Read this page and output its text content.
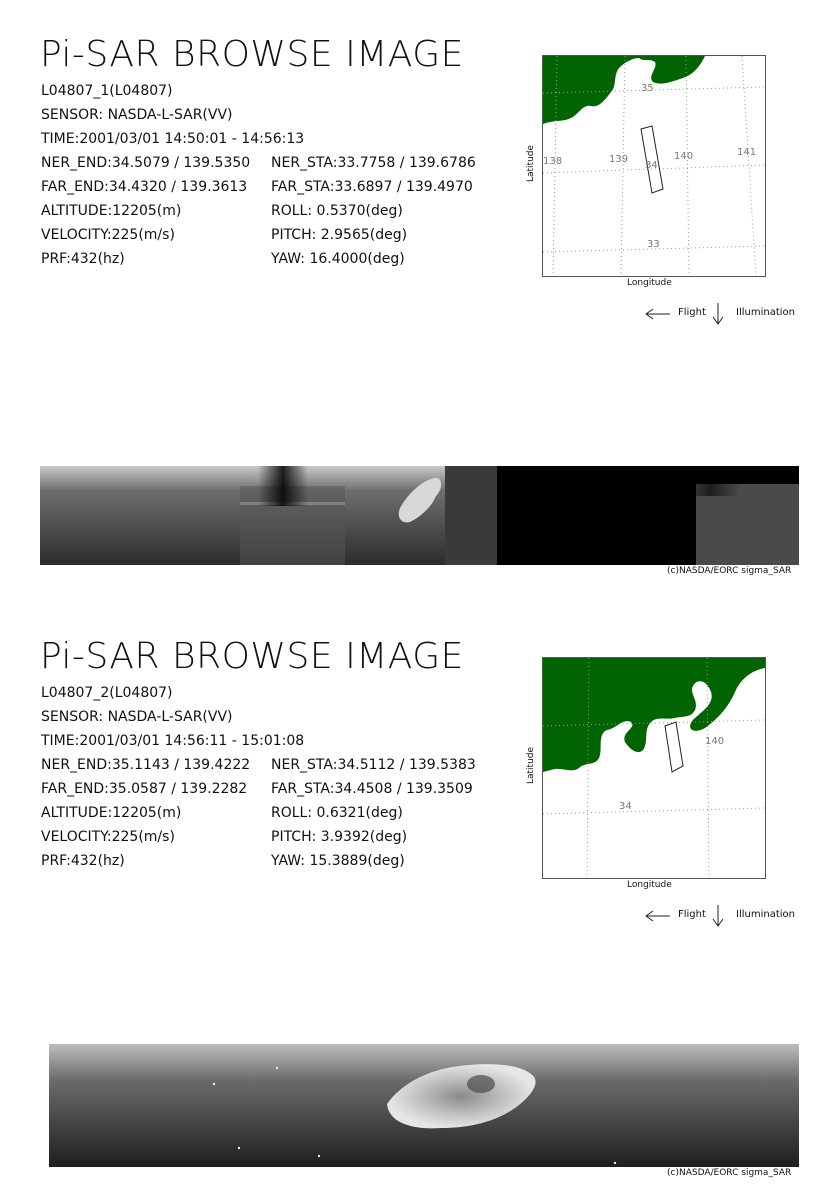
Pi-SAR BROWSE IMAGE
L04807_1(L04807)
SENSOR: NASDA-L-SAR(VV)
TIME:2001/03/01 14:50:01 - 14:56:13
NER_END:34.5079 / 139.5350 NER_STA:33.7758 / 139.6786
FAR_END:34.4320 / 139.3613 FAR_STA:33.6897 / 139.4970
ALTITUDE:12205(m)	ROLL: 0.5370(deg)
VELOCITY:225(m/s)	PITCH: 2.9565(deg)
PRF:432(hz)	YAW: 16.4000(deg)
Latitude
35
138	139
34
140	141
33
Longitude
Flight	Illumination
(c)NASDA/EORC sigma_SAR
Pi-SAR BROWSE IMAGE
L04807_2(L04807)
SENSOR: NASDA-L-SAR(VV)
TIME:2001/03/01 14:56:11 - 15:01:08
NER_END:35.1143 / 139.4222 NER_STA:34.5112 / 139.5383
FAR_END:35.0587 / 139.2282 FAR_STA:34.4508 / 139.3509
ALTITUDE:12205(m)	ROLL: 0.6321(deg)
VELOCITY:225(m/s)	PITCH: 3.9392(deg)
PRF:432(hz)	YAW: 15.3889(deg)
Latitude
140
34
Longitude
Flight	Illumination
(c)NASDA/EORC sigma_SAR
